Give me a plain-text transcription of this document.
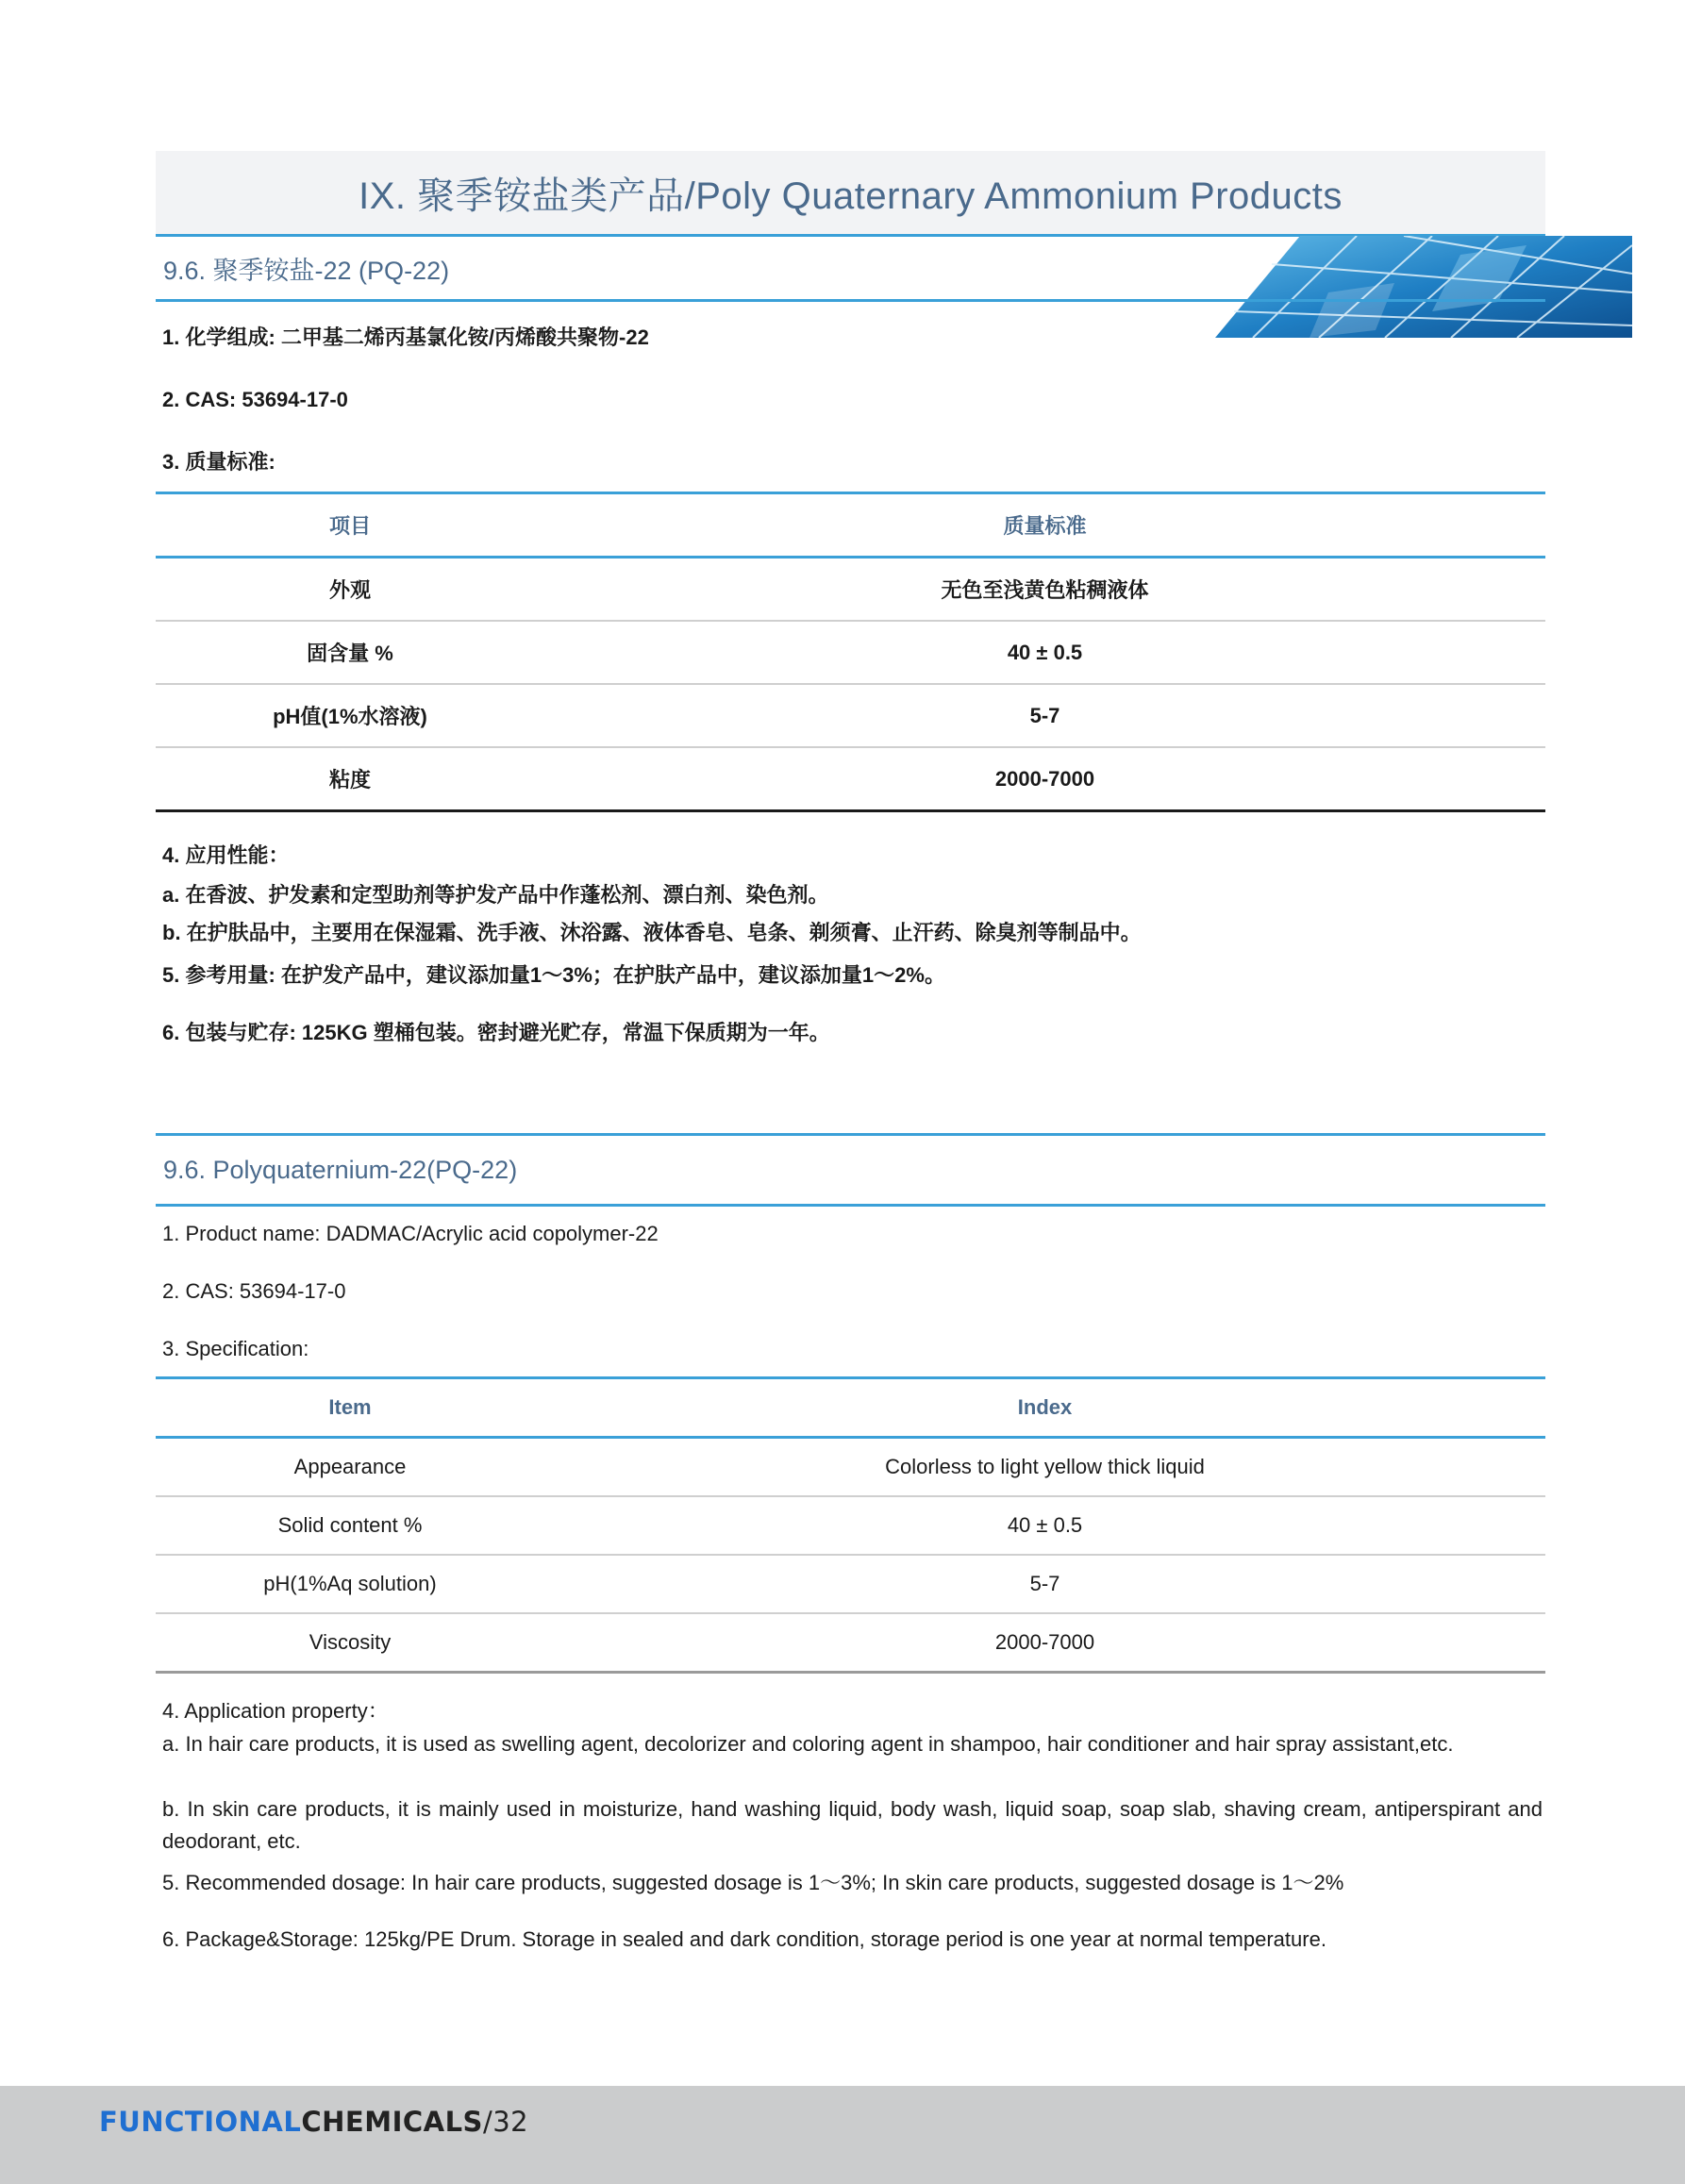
IX. 聚季铵盐类产品/Poly Quaternary Ammonium Products
9.6. 聚季铵盐-22 (PQ-22)
1. 化学组成: 二甲基二烯丙基氯化铵/丙烯酸共聚物-22
2. CAS: 53694-17-0
3. 质量标准:
项目	质量标准
外观	无色至浅黄色粘稠液体
固含量 %	40 ± 0.5
pH值(1%水溶液)	5-7
粘度	2000-7000
4. 应用性能：
a. 在香波、护发素和定型助剂等护发产品中作蓬松剂、漂白剂、染色剂。
b. 在护肤品中，主要用在保湿霜、洗手液、沐浴露、液体香皂、皂条、剃须膏、止汗药、除臭剂等制品中。
5. 参考用量: 在护发产品中，建议添加量1～3%；在护肤产品中，建议添加量1～2%。
6. 包装与贮存: 125KG 塑桶包装。密封避光贮存，常温下保质期为一年。
9.6. Polyquaternium-22(PQ-22)
1. Product name: DADMAC/Acrylic acid copolymer-22
2. CAS: 53694-17-0
3. Specification:
Item	Index
Appearance	Colorless to light yellow thick liquid
Solid content %	40 ± 0.5
pH(1%Aq solution)	5-7
Viscosity	2000-7000
4. Application property：
a. In hair care products, it is used as swelling agent, decolorizer and coloring agent in shampoo, hair conditioner and hair spray assistant,etc.
b. In skin care products, it is mainly used in moisturize, hand washing liquid, body wash, liquid soap, soap slab, shaving cream, antiperspirant and deodorant, etc.
5. Recommended dosage: In hair care products, suggested dosage is 1～3%; In skin care products, suggested dosage is 1～2%
6. Package&Storage: 125kg/PE Drum. Storage in sealed and dark condition, storage period is one year at normal temperature.
FUNCTIONALCHEMICALS/32
